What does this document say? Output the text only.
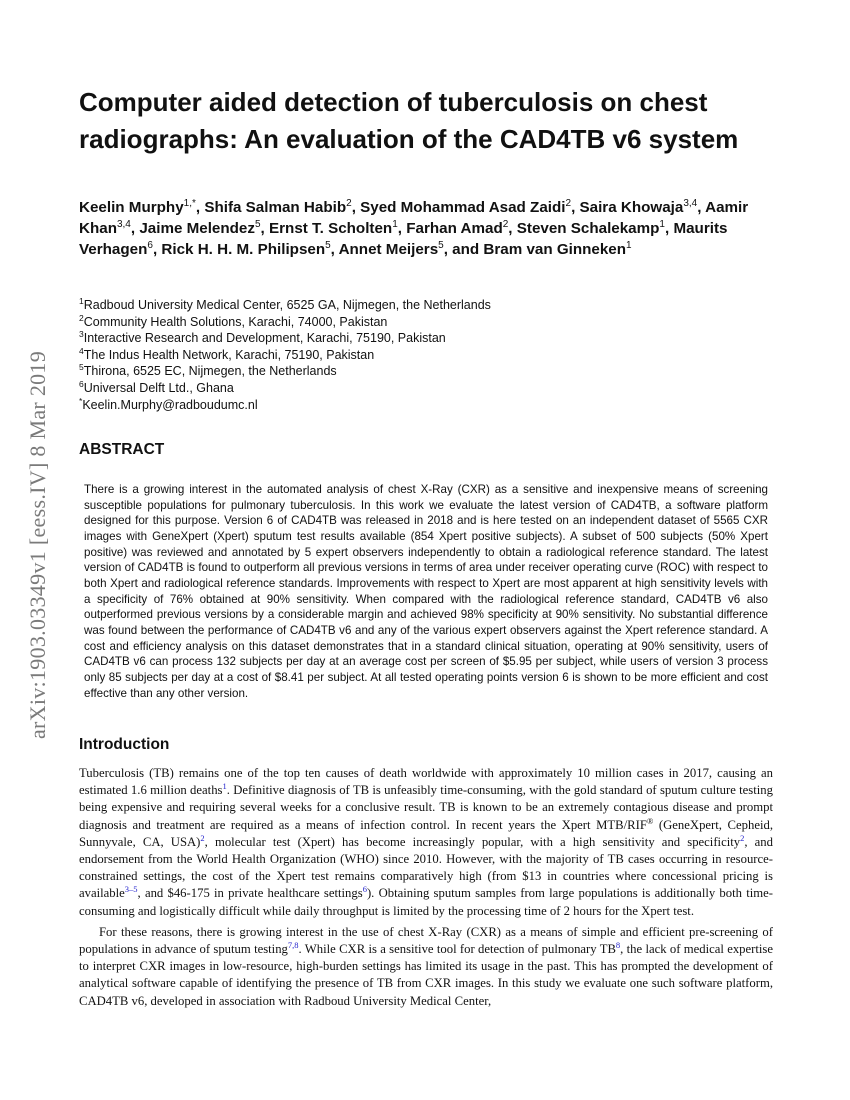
arXiv:1903.03349v1 [eess.IV] 8 Mar 2019
Computer aided detection of tuberculosis on chest radiographs: An evaluation of the CAD4TB v6 system
Keelin Murphy$^{1,*}$, Shifa Salman Habib$^2$, Syed Mohammad Asad Zaidi$^2$, Saira Khowaja$^{3,4}$, Aamir Khan$^{3,4}$, Jaime Melendez$^5$, Ernst T. Scholten$^1$, Farhan Amad$^2$, Steven Schalekamp$^1$, Maurits Verhagen$^6$, Rick H. H. M. Philipsen$^5$, Annet Meijers$^5$, and Bram van Ginneken$^1$
$^1$Radboud University Medical Center, 6525 GA, Nijmegen, the Netherlands
$^2$Community Health Solutions, Karachi, 74000, Pakistan
$^3$Interactive Research and Development, Karachi, 75190, Pakistan
$^4$The Indus Health Network, Karachi, 75190, Pakistan
$^5$Thirona, 6525 EC, Nijmegen, the Netherlands
$^6$Universal Delft Ltd., Ghana
*Keelin.Murphy@radboudumc.nl
ABSTRACT

There is a growing interest in the automated analysis of chest X-Ray (CXR) as a sensitive and inexpensive means of screening susceptible populations for pulmonary tuberculosis. In this work we evaluate the latest version of CAD4TB, a software platform designed for this purpose. Version 6 of CAD4TB was released in 2018 and is here tested on an independent dataset of 5565 CXR images with GeneXpert (Xpert) sputum test results available (854 Xpert positive subjects). A subset of 500 subjects (50% Xpert positive) was reviewed and annotated by 5 expert observers independently to obtain a radiological reference standard. The latest version of CAD4TB is found to outperform all previous versions in terms of area under receiver operating curve (ROC) with respect to both Xpert and radiological reference standards. Improvements with respect to Xpert are most apparent at high sensitivity levels with a specificity of 76% obtained at 90% sensitivity. When compared with the radiological reference standard, CAD4TB v6 also outperformed previous versions by a considerable margin and achieved 98% specificity at 90% sensitivity. No substantial difference was found between the performance of CAD4TB v6 and any of the various expert observers against the Xpert reference standard. A cost and efficiency analysis on this dataset demonstrates that in a standard clinical situation, operating at 90% sensitivity, users of CAD4TB v6 can process 132 subjects per day at an average cost per screen of $5.95 per subject, while users of version 3 process only 85 subjects per day at a cost of $8.41 per subject. At all tested operating points version 6 is shown to be more efficient and cost effective than any other version.

Introduction

Tuberculosis (TB) remains one of the top ten causes of death worldwide with approximately 10 million cases in 2017, causing an estimated 1.6 million deaths$^1$. Definitive diagnosis of TB is unfeasibly time-consuming, with the gold standard of sputum culture testing being expensive and requiring several weeks for a conclusive result. TB is known to be an extremely contagious disease and prompt diagnosis and treatment are required as a means of infection control. In recent years the Xpert MTB/RIF® (GeneXpert, Cepheid, Sunnyvale, CA, USA)$^2$, molecular test (Xpert) has become increasingly popular, with a high sensitivity and specificity$^2$, and endorsement from the World Health Organization (WHO) since 2010. However, with the majority of TB cases occurring in resource-constrained settings, the cost of the Xpert test remains comparatively high (from $13 in countries where concessional pricing is available$^{3-5}$, and $46-175 in private healthcare settings$^6$). Obtaining sputum samples from large populations is additionally both time-consuming and logistically difficult while daily throughput is limited by the processing time of 2 hours for the Xpert test.

For these reasons, there is growing interest in the use of chest X-Ray (CXR) as a means of simple and efficient pre-screening of populations in advance of sputum testing$^{7,8}$. While CXR is a sensitive tool for detection of pulmonary TB$^8$, the lack of medical expertise to interpret CXR images in low-resource, high-burden settings has limited its usage in the past. This has prompted the development of analytical software capable of identifying the presence of TB from CXR images. In this study we evaluate one such software platform, CAD4TB v6, developed in association with Radboud University Medical Center,
